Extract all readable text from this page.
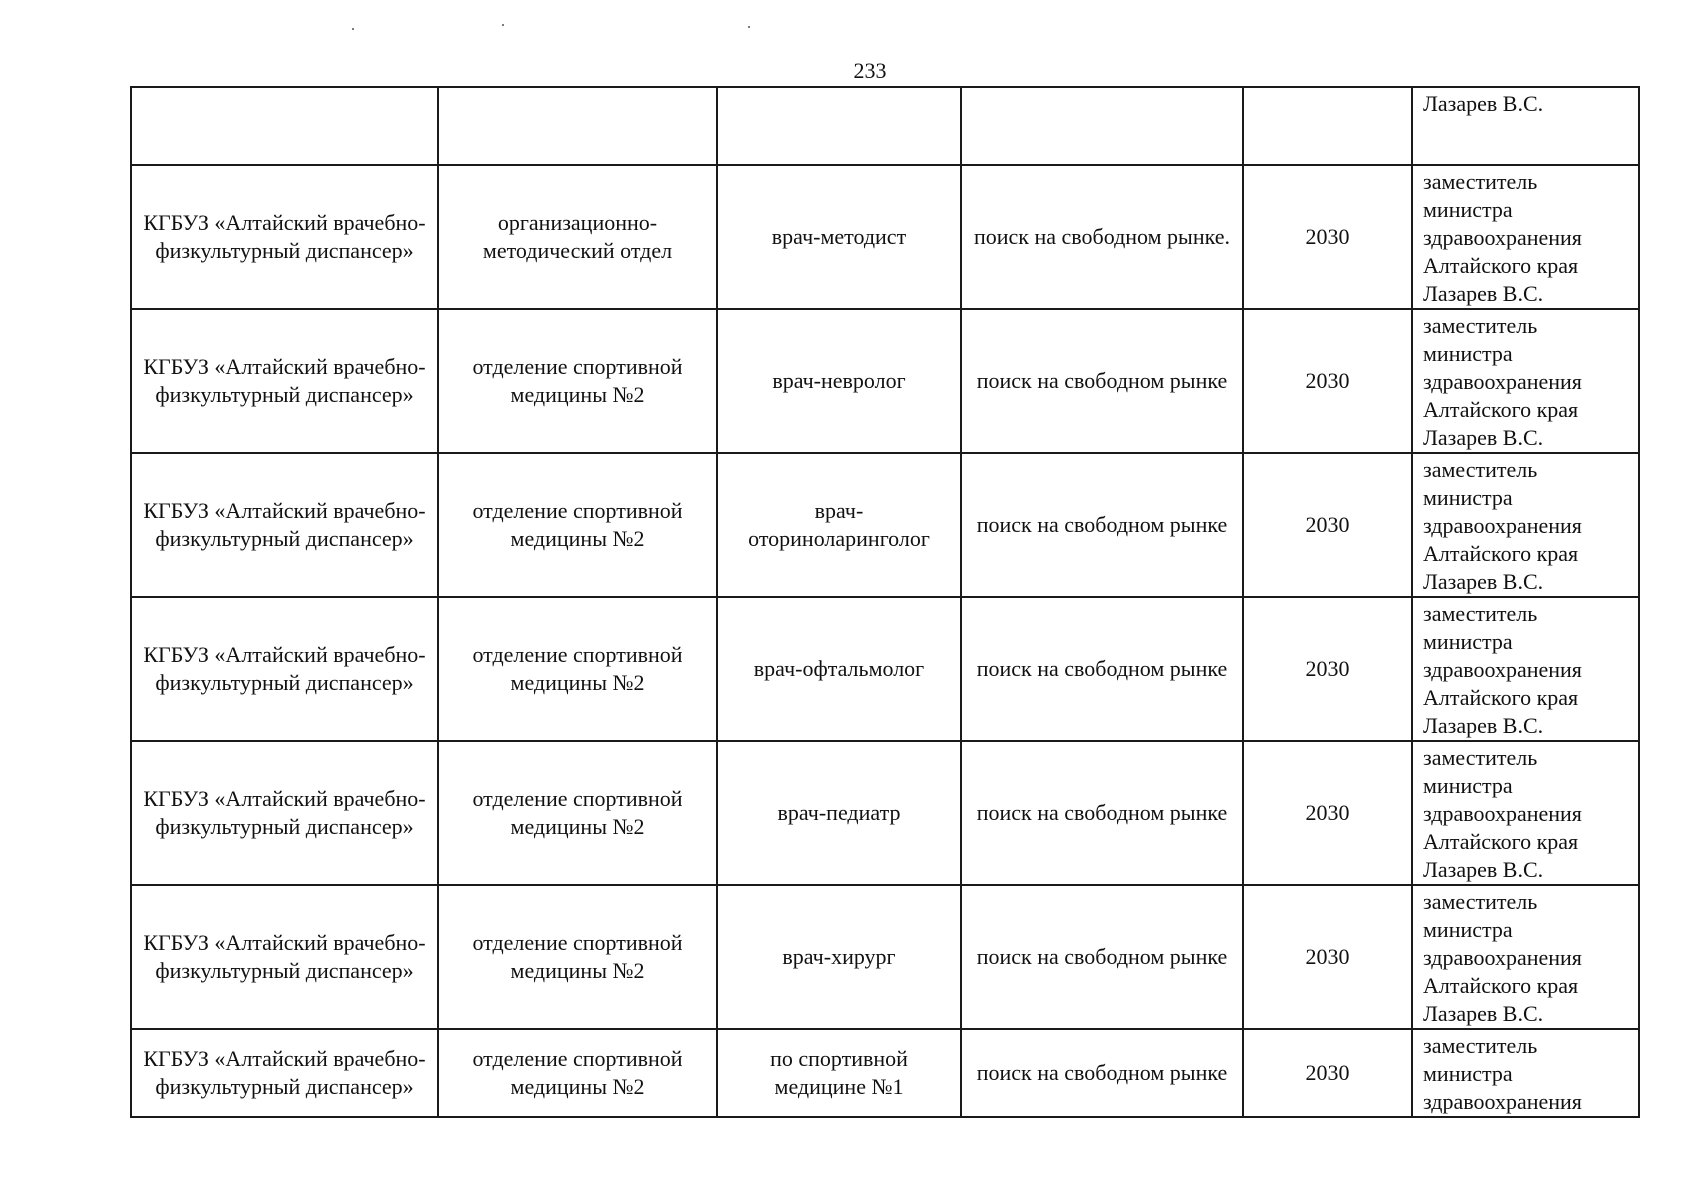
233
					Лазарев В.С.
КГБУЗ «Алтайский врачебно-физкультурный диспансер»	организационно-методический отдел	врач-методист	поиск на свободном рынке.	2030	заместитель министра здравоохранения Алтайского края Лазарев В.С.
КГБУЗ «Алтайский врачебно-физкультурный диспансер»	отделение спортивной медицины №2	врач-невролог	поиск на свободном рынке	2030	заместитель министра здравоохранения Алтайского края Лазарев В.С.
КГБУЗ «Алтайский врачебно-физкультурный диспансер»	отделение спортивной медицины №2	врач-оториноларинголог	поиск на свободном рынке	2030	заместитель министра здравоохранения Алтайского края Лазарев В.С.
КГБУЗ «Алтайский врачебно-физкультурный диспансер»	отделение спортивной медицины №2	врач-офтальмолог	поиск на свободном рынке	2030	заместитель министра здравоохранения Алтайского края Лазарев В.С.
КГБУЗ «Алтайский врачебно-физкультурный диспансер»	отделение спортивной медицины №2	врач-педиатр	поиск на свободном рынке	2030	заместитель министра здравоохранения Алтайского края Лазарев В.С.
КГБУЗ «Алтайский врачебно-физкультурный диспансер»	отделение спортивной медицины №2	врач-хирург	поиск на свободном рынке	2030	заместитель министра здравоохранения Алтайского края Лазарев В.С.
КГБУЗ «Алтайский врачебно-физкультурный диспансер»	отделение спортивной медицины №2	по спортивной медицине №1	поиск на свободном рынке	2030	заместитель министра здравоохранения
